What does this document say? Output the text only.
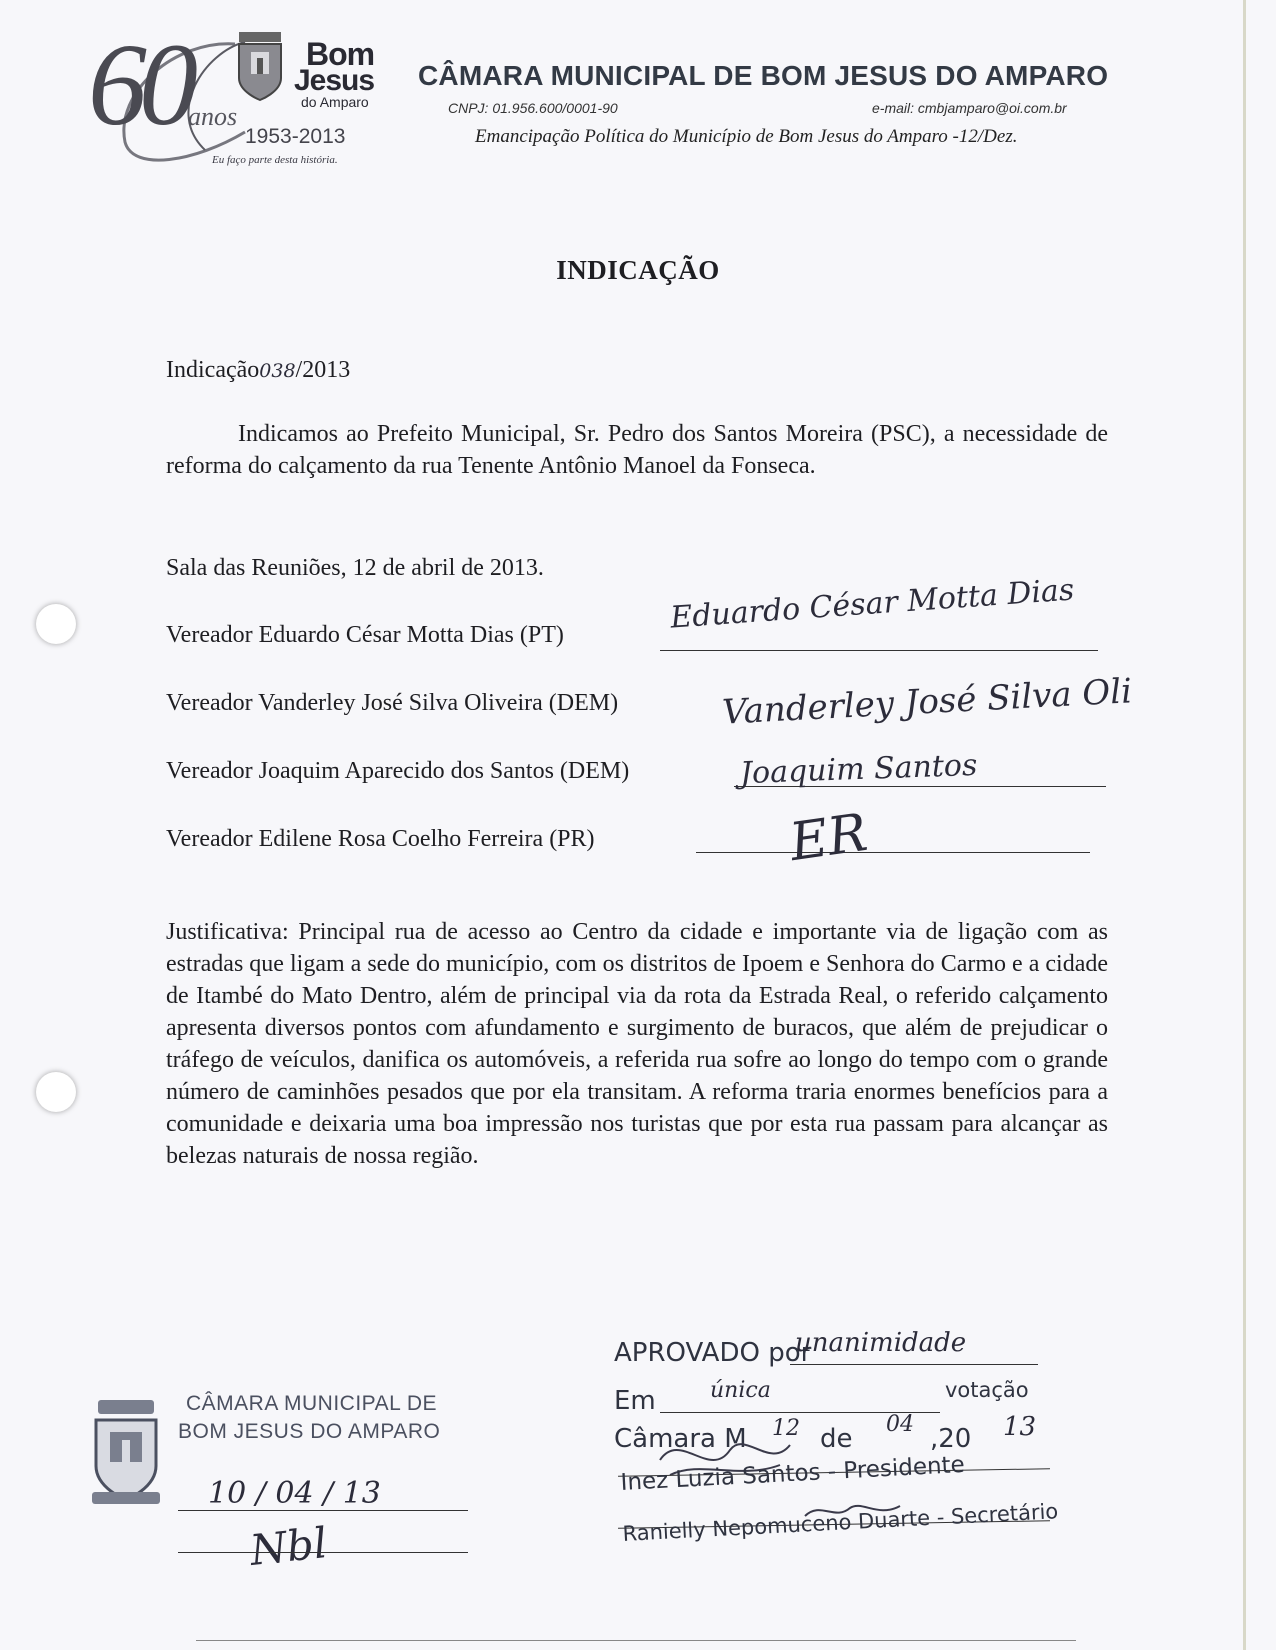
60
anos
1953-2013
Bom
Jesus
do Amparo
Eu faço parte desta história.
CÂMARA MUNICIPAL DE BOM JESUS DO AMPARO
CNPJ: 01.956.600/0001-90	e-mail: cmbjamparo@oi.com.br
Emancipação Política do Município de Bom Jesus do Amparo -12/Dez.
INDICAÇÃO
Indicação038/2013
Indicamos ao Prefeito Municipal, Sr. Pedro dos Santos Moreira (PSC), a necessidade de reforma do calçamento da rua Tenente Antônio Manoel da Fonseca.
Sala das Reuniões, 12 de abril de 2013.
Vereador Eduardo César Motta Dias (PT)	Eduardo César Motta Dias
Vereador Vanderley José Silva Oliveira (DEM)	Vanderley José Silva Oli
Vereador Joaquim Aparecido dos Santos (DEM)	Joaquim Santos
Vereador Edilene Rosa Coelho Ferreira (PR)	ER
Justificativa: Principal rua de acesso ao Centro da cidade e importante via de ligação com as estradas que ligam a sede do município, com os distritos de Ipoem e Senhora do Carmo e a cidade de Itambé do Mato Dentro, além de principal via da rota da Estrada Real, o referido calçamento apresenta diversos pontos com afundamento e surgimento de buracos, que além de prejudicar o tráfego de veículos, danifica os automóveis, a referida rua sofre ao longo do tempo com o grande número de caminhões pesados que por ela transitam. A reforma traria enormes benefícios para a comunidade e deixaria uma boa impressão nos turistas que por esta rua passam para alcançar as belezas naturais de nossa região.
CÂMARA MUNICIPAL DE
BOM JESUS DO AMPARO
10 / 04 / 13
Nbl
APROVADO por
unanimidade
Em única	votação
Câmara M 12 de 04 ,20 13
Inez Luzia Santos - Presidente
Ranielly Nepomuceno Duarte - Secretário
